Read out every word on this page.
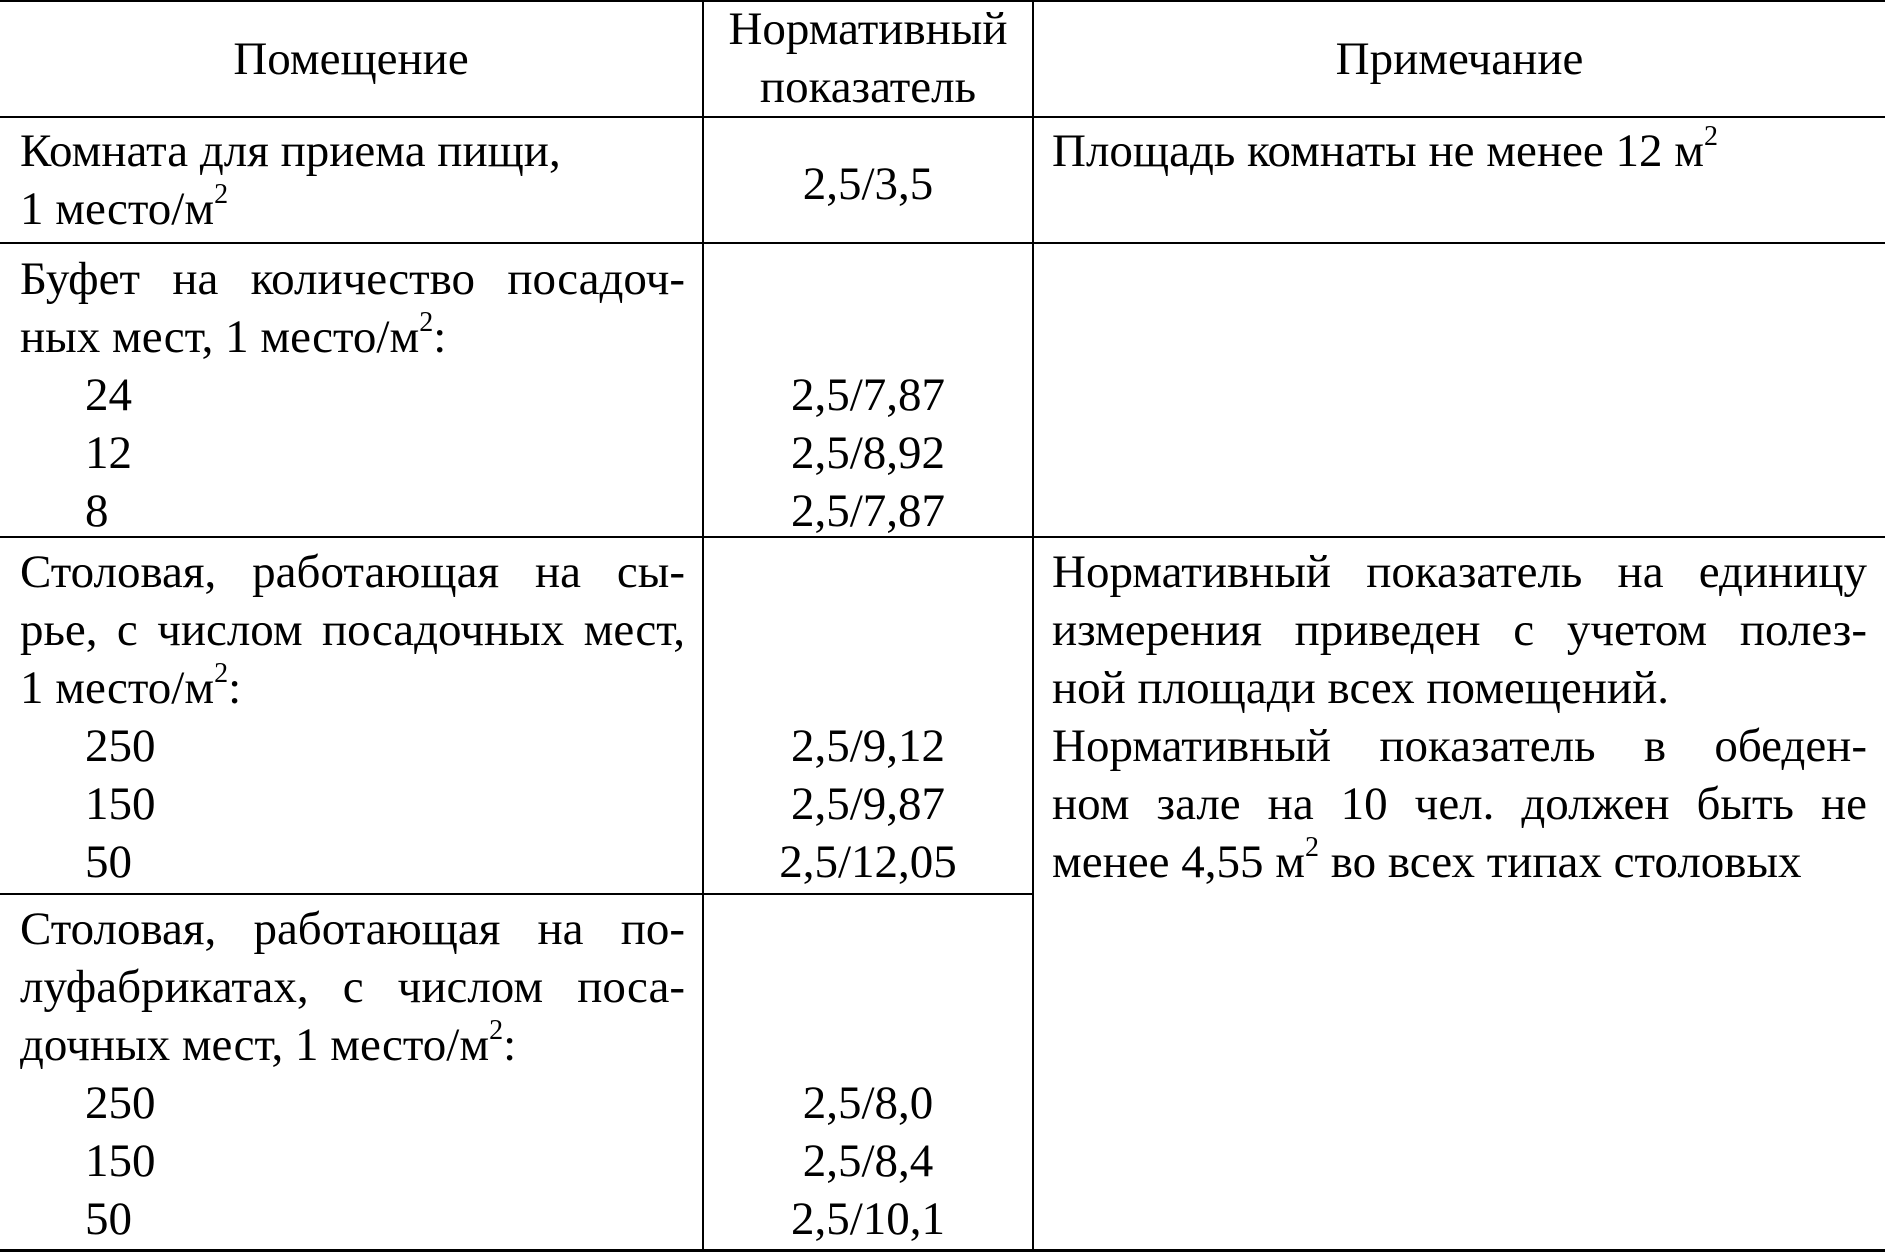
Помещение
Нормативный
показатель
Примечание
Комната для приема пищи,
1 место/$м^2$	2,5/3,5
Площадь комнаты не менее 12 $м^2$
Буфет на количество посадоч-
ных мест, 1 место/$м^2$:
24
12
8
2,5/7,87
2,5/8,92
2,5/7,87
Столовая, работающая на сы-
рье, с числом посадочных мест,
1 место/$м^2$:
250
150
50
2,5/9,12
2,5/9,87
2,5/12,05
Нормативный показатель на единицу
измерения приведен с учетом полез-
ной площади всех помещений.
Нормативный показатель в обеден-
ном зале на 10 чел. должен быть не
менее 4,55 $м^2$ во всех типах столовых
Столовая, работающая на по-
луфабрикатах, с числом поса-
дочных мест, 1 место/$м^2$:
250
150
50
2,5/8,0
2,5/8,4
2,5/10,1
